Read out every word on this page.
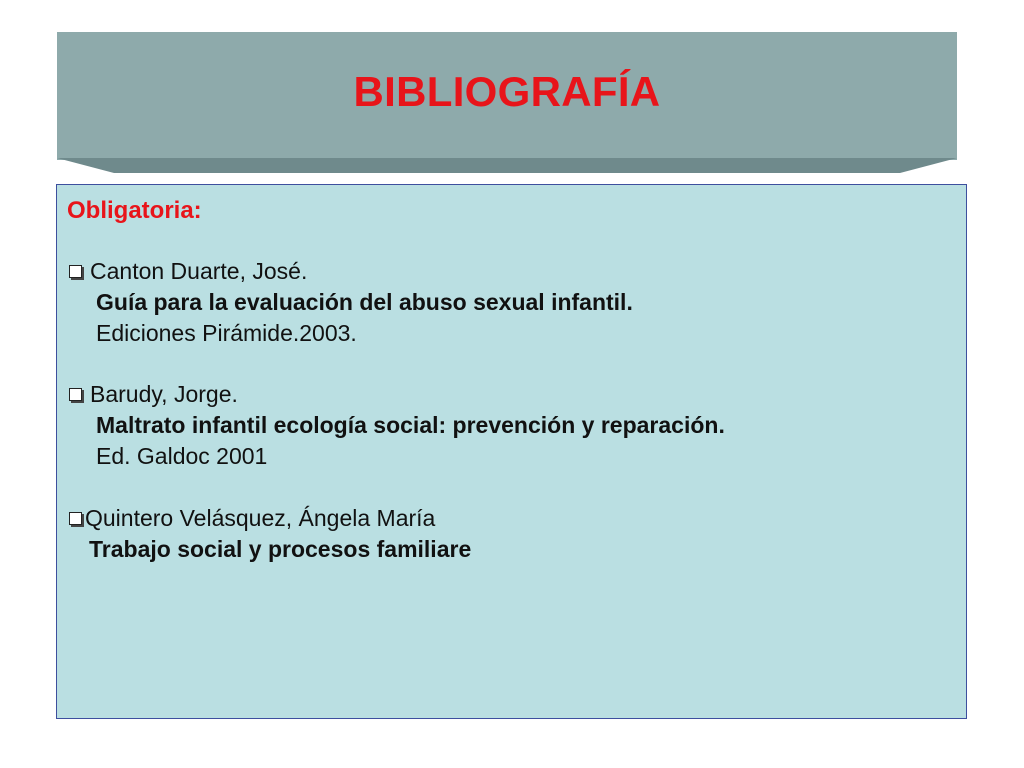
BIBLIOGRAFÍA
Obligatoria:
Canton Duarte, José.
Guía para la evaluación del abuso sexual infantil.
Ediciones Pirámide.2003.
Barudy, Jorge.
Maltrato infantil ecología social: prevención y reparación.
Ed. Galdoc 2001
Quintero Velásquez, Ángela María
Trabajo social y procesos familiare
